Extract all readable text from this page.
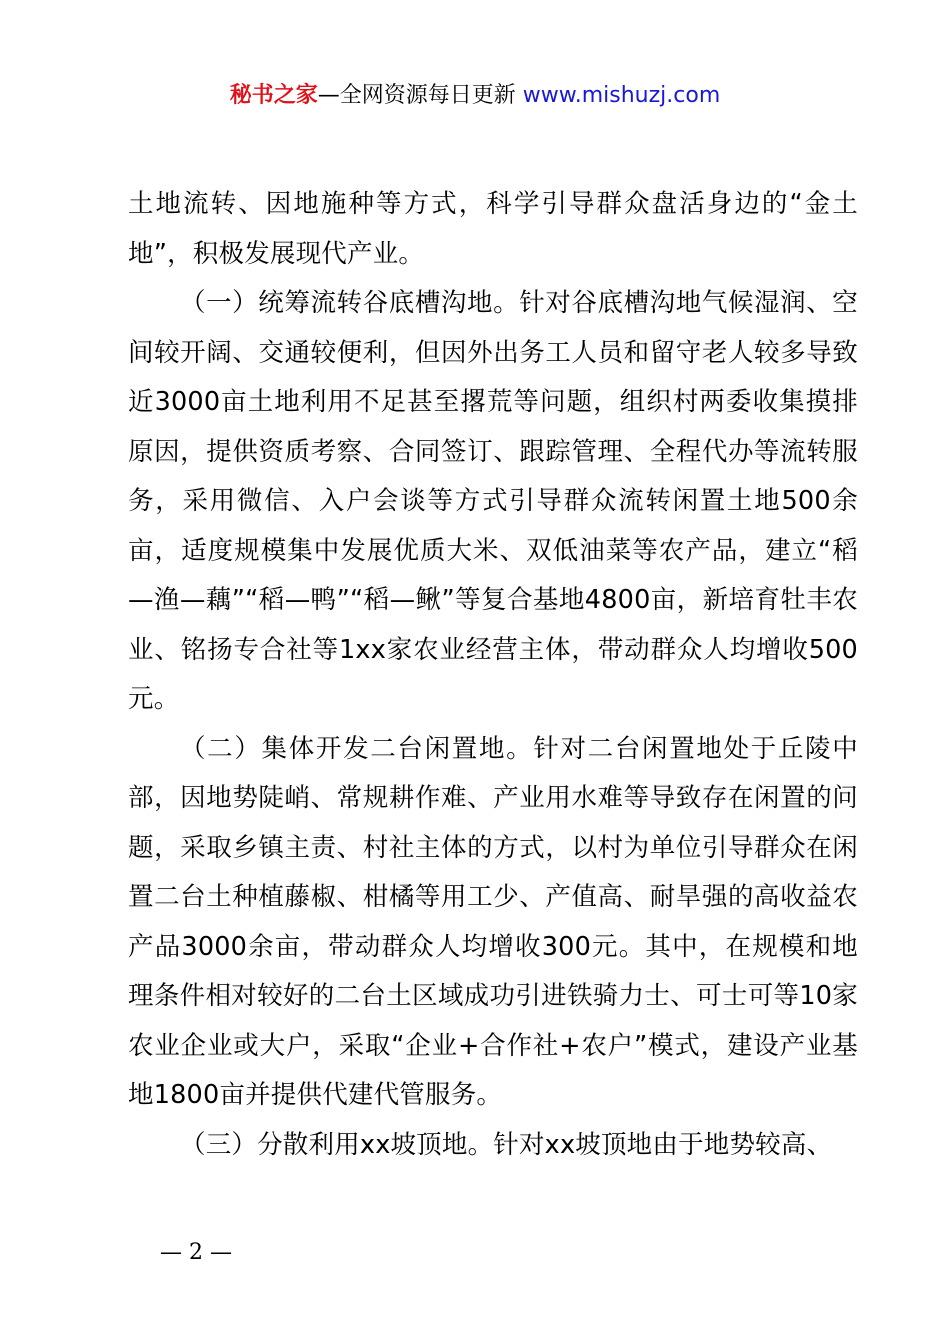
秘书之家—全网资源每日更新 www.mishuzj.com

土地流转、因地施种等方式，科学引导群众盘活身边的“金土地”，积极发展现代产业。

（一）统筹流转谷底槽沟地。针对谷底槽沟地气候湿润、空间较开阔、交通较便利，但因外出务工人员和留守老人较多导致近3000亩土地利用不足甚至撂荒等问题，组织村两委收集摸排原因，提供资质考察、合同签订、跟踪管理、全程代办等流转服务，采用微信、入户会谈等方式引导群众流转闲置土地500余亩，适度规模集中发展优质大米、双低油菜等农产品，建立“稻—渔—藕”“稻—鸭”“稻—鳅”等复合基地4800亩，新培育牡丰农业、铭扬专合社等1xx家农业经营主体，带动群众人均增收500元。

（二）集体开发二台闲置地。针对二台闲置地处于丘陵中部，因地势陡峭、常规耕作难、产业用水难等导致存在闲置的问题，采取乡镇主责、村社主体的方式，以村为单位引导群众在闲置二台土种植藤椒、柑橘等用工少、产值高、耐旱强的高收益农产品3000余亩，带动群众人均增收300元。其中，在规模和地理条件相对较好的二台土区域成功引进铁骑力士、可士可等10家农业企业或大户，采取“企业+合作社+农户”模式，建设产业基地1800亩并提供代建代管服务。

（三）分散利用xx坡顶地。针对xx坡顶地由于地势较高、

— 2 —
